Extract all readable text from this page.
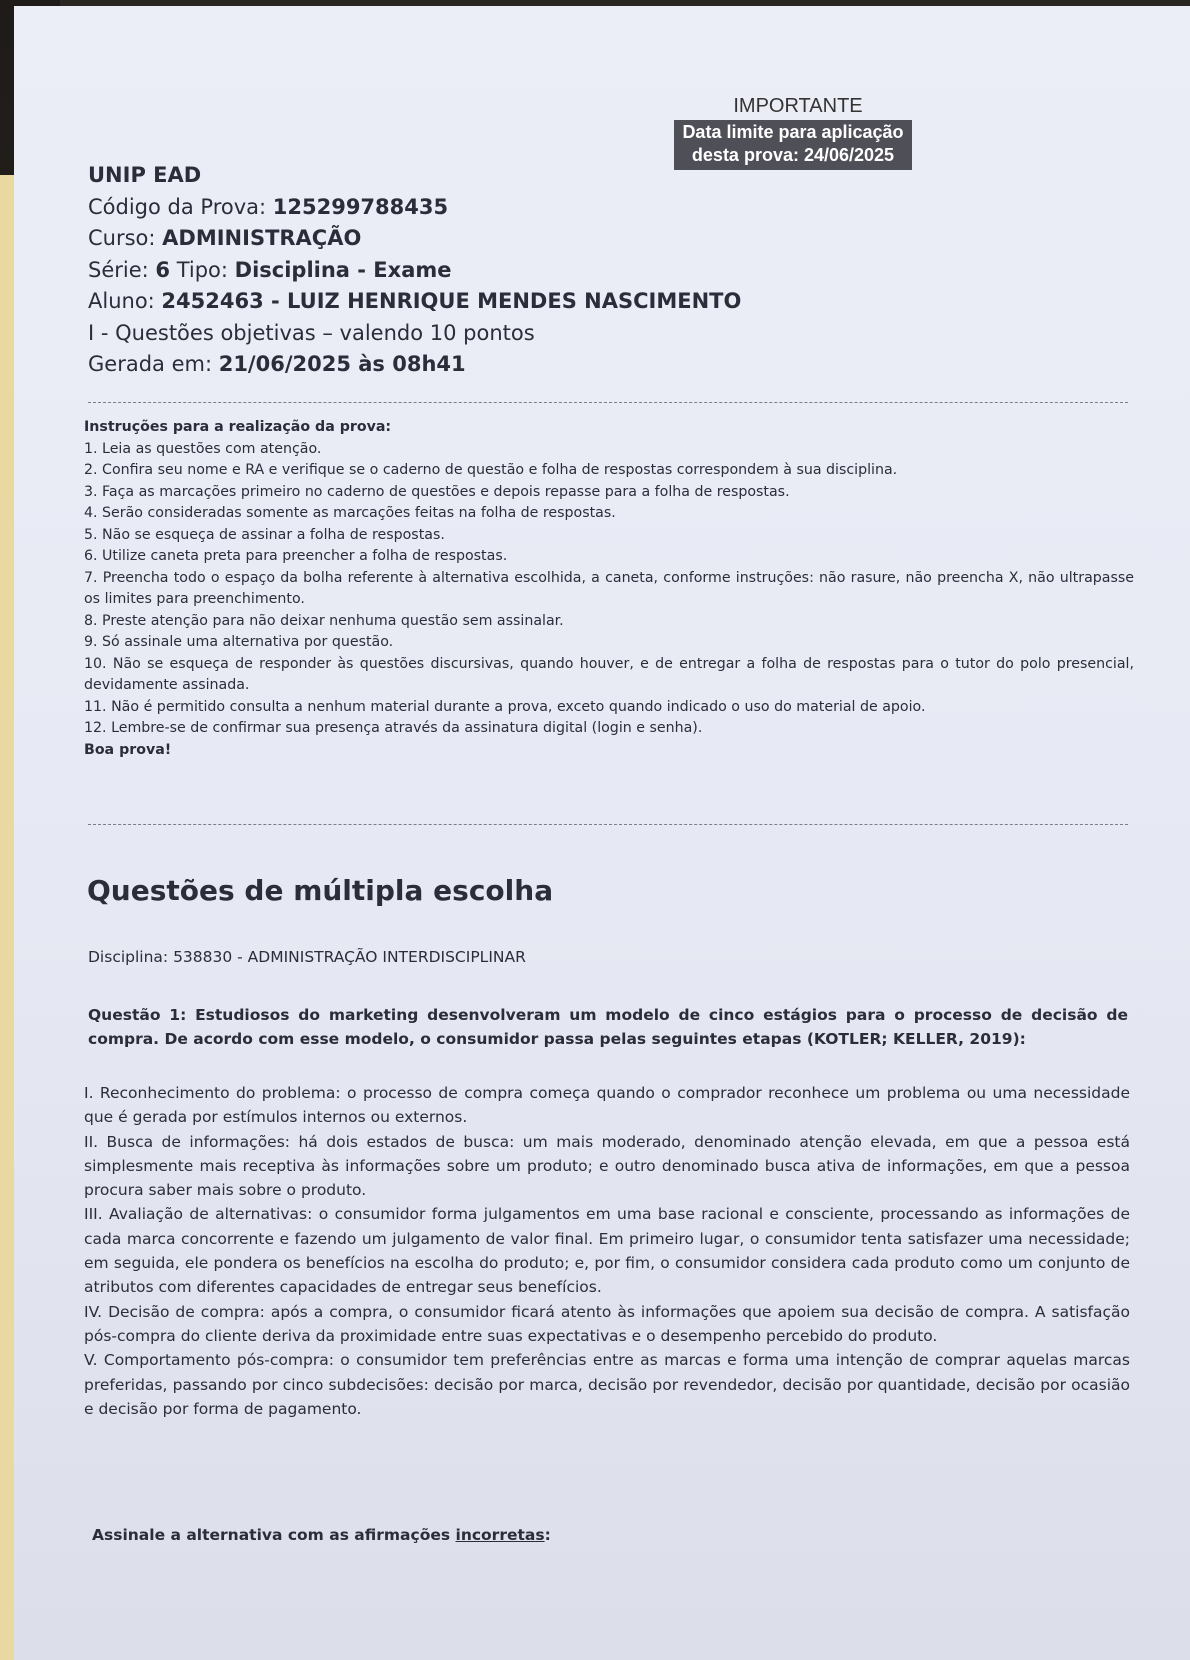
IMPORTANTE
Data limite para aplicação
desta prova: 24/06/2025
UNIP EAD
Código da Prova: 125299788435
Curso: ADMINISTRAÇÃO
Série: 6 Tipo: Disciplina - Exame
Aluno: 2452463 - LUIZ HENRIQUE MENDES NASCIMENTO
I - Questões objetivas – valendo 10 pontos
Gerada em: 21/06/2025 às 08h41
Instruções para a realização da prova:
1. Leia as questões com atenção.
2. Confira seu nome e RA e verifique se o caderno de questão e folha de respostas correspondem à sua disciplina.
3. Faça as marcações primeiro no caderno de questões e depois repasse para a folha de respostas.
4. Serão consideradas somente as marcações feitas na folha de respostas.
5. Não se esqueça de assinar a folha de respostas.
6. Utilize caneta preta para preencher a folha de respostas.
7. Preencha todo o espaço da bolha referente à alternativa escolhida, a caneta, conforme instruções: não rasure, não preencha X, não ultrapasse os limites para preenchimento.
8. Preste atenção para não deixar nenhuma questão sem assinalar.
9. Só assinale uma alternativa por questão.
10. Não se esqueça de responder às questões discursivas, quando houver, e de entregar a folha de respostas para o tutor do polo presencial, devidamente assinada.
11. Não é permitido consulta a nenhum material durante a prova, exceto quando indicado o uso do material de apoio.
12. Lembre-se de confirmar sua presença através da assinatura digital (login e senha).
Boa prova!
Questões de múltipla escolha
Disciplina: 538830 - ADMINISTRAÇÃO INTERDISCIPLINAR
Questão 1: Estudiosos do marketing desenvolveram um modelo de cinco estágios para o processo de decisão de compra. De acordo com esse modelo, o consumidor passa pelas seguintes etapas (KOTLER; KELLER, 2019):

I. Reconhecimento do problema: o processo de compra começa quando o comprador reconhece um problema ou uma necessidade que é gerada por estímulos internos ou externos.

II. Busca de informações: há dois estados de busca: um mais moderado, denominado atenção elevada, em que a pessoa está simplesmente mais receptiva às informações sobre um produto; e outro denominado busca ativa de informações, em que a pessoa procura saber mais sobre o produto.

III. Avaliação de alternativas: o consumidor forma julgamentos em uma base racional e consciente, processando as informações de cada marca concorrente e fazendo um julgamento de valor final. Em primeiro lugar, o consumidor tenta satisfazer uma necessidade; em seguida, ele pondera os benefícios na escolha do produto; e, por fim, o consumidor considera cada produto como um conjunto de atributos com diferentes capacidades de entregar seus benefícios.

IV. Decisão de compra: após a compra, o consumidor ficará atento às informações que apoiem sua decisão de compra. A satisfação pós-compra do cliente deriva da proximidade entre suas expectativas e o desempenho percebido do produto.

V. Comportamento pós-compra: o consumidor tem preferências entre as marcas e forma uma intenção de comprar aquelas marcas preferidas, passando por cinco subdecisões: decisão por marca, decisão por revendedor, decisão por quantidade, decisão por ocasião e decisão por forma de pagamento.

Assinale a alternativa com as afirmações incorretas:
